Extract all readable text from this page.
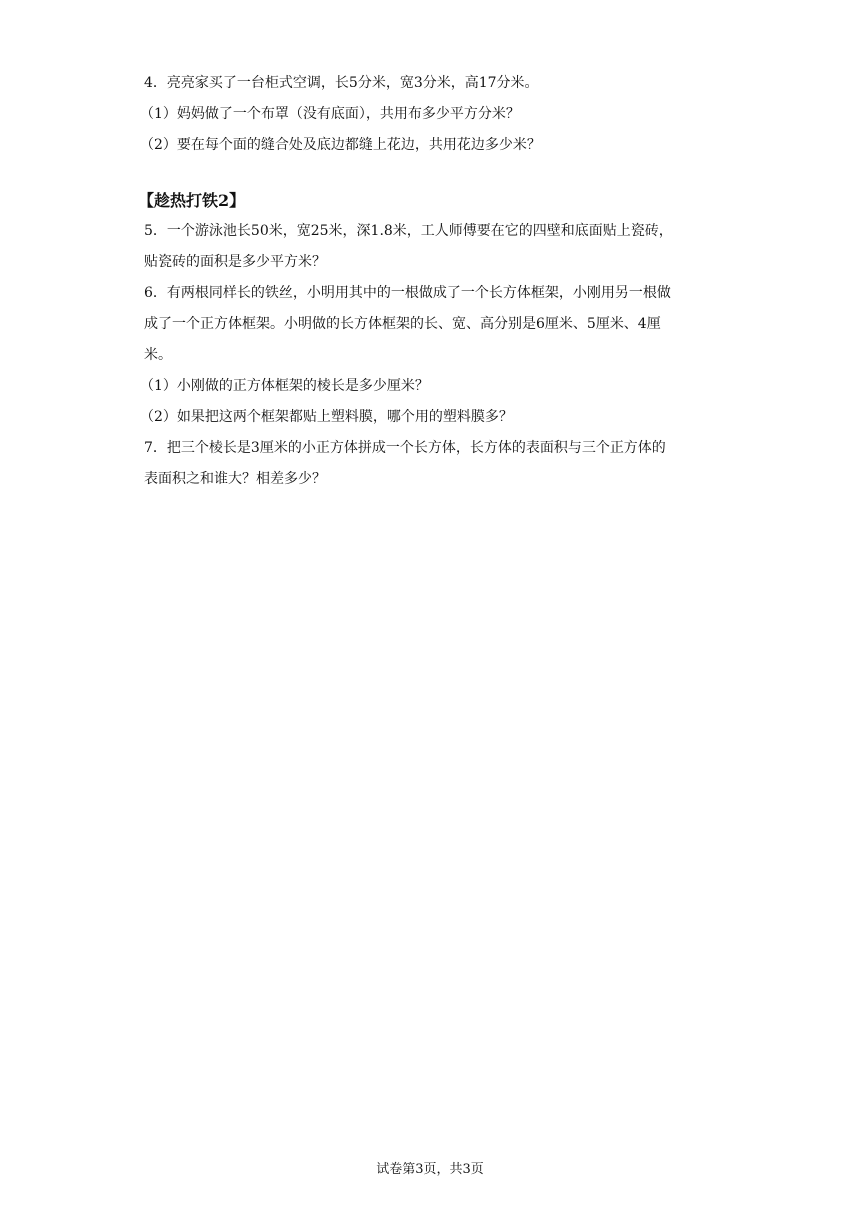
4．亮亮家买了一台柜式空调，长5分米，宽3分米，高17分米。
（1）妈妈做了一个布罩（没有底面），共用布多少平方分米？
（2）要在每个面的缝合处及底边都缝上花边，共用花边多少米？
【趁热打铁2】
5．一个游泳池长50米，宽25米，深1.8米，工人师傅要在它的四壁和底面贴上瓷砖，
贴瓷砖的面积是多少平方米？
6．有两根同样长的铁丝，小明用其中的一根做成了一个长方体框架，小刚用另一根做
成了一个正方体框架。小明做的长方体框架的长、宽、高分别是6厘米、5厘米、4厘
米。
（1）小刚做的正方体框架的棱长是多少厘米？
（2）如果把这两个框架都贴上塑料膜，哪个用的塑料膜多？
7．把三个棱长是3厘米的小正方体拼成一个长方体，长方体的表面积与三个正方体的
表面积之和谁大？相差多少？
试卷第3页，共3页
